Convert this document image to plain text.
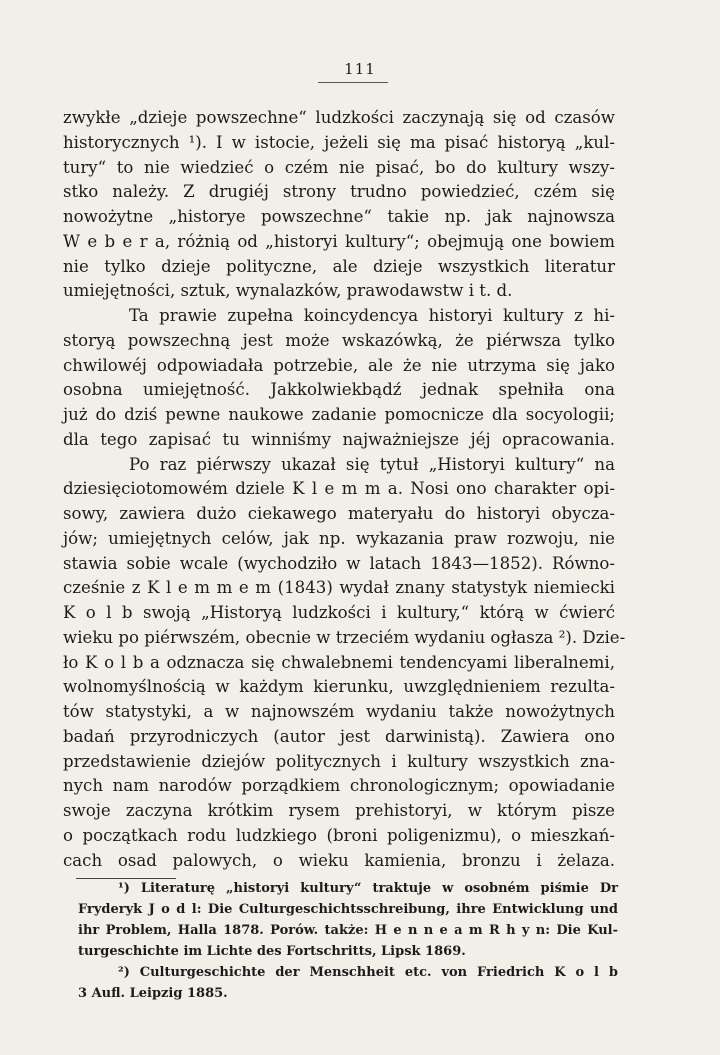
111
zwykłe „dzieje powszechne“ ludzkości zaczynają się od czasów
historycznych ¹). I w istocie, jeżeli się ma pisać historyą „kul-
tury“ to nie wiedzieć o czém nie pisać, bo do kultury wszy-
stko należy. Z drugiéj strony trudno powiedzieć, czém się
nowożytne „historye powszechne“ takie np. jak najnowsza
W e b e r a, różnią od „historyi kultury“; obejmują one bowiem
nie tylko dzieje polityczne, ale dzieje wszystkich literatur
umiejętności, sztuk, wynalazków, prawodawstw i t. d.
Ta prawie zupełna koincydencya historyi kultury z hi-
storyą powszechną jest może wskazówką, że piérwsza tylko
chwilowéj odpowiadała potrzebie, ale że nie utrzyma się jako
osobna umiejętność. Jakkolwiekbądź jednak spełniła ona
już do dziś pewne naukowe zadanie pomocnicze dla socyologii;
dla tego zapisać tu winniśmy najważniejsze jéj opracowania.
Po raz piérwszy ukazał się tytuł „Historyi kultury“ na
dziesięciotomowém dziele K l e m m a. Nosi ono charakter opi-
sowy, zawiera dużo ciekawego materyału do historyi obycza-
jów; umiejętnych celów, jak np. wykazania praw rozwoju, nie
stawia sobie wcale (wychodziło w latach 1843—1852). Równo-
cześnie z K l e m m e m (1843) wydał znany statystyk niemiecki
K o l b swoją „Historyą ludzkości i kultury,“ którą w ćwierć
wieku po piérwszém, obecnie w trzeciém wydaniu ogłasza ²). Dzie-
ło K o l b a odznacza się chwalebnemi tendencyami liberalnemi,
wolnomyślnością w każdym kierunku, uwzględnieniem rezulta-
tów statystyki, a w najnowszém wydaniu także nowożytnych
badań przyrodniczych (autor jest darwinistą). Zawiera ono
przedstawienie dziejów politycznych i kultury wszystkich zna-
nych nam narodów porządkiem chronologicznym; opowiadanie
swoje zaczyna krótkim rysem prehistoryi, w którym pisze
o początkach rodu ludzkiego (broni poligenizmu), o mieszkań-
cach osad palowych, o wieku kamienia, bronzu i żelaza.
¹) Literaturę „historyi kultury“ traktuje w osobném piśmie Dr
Fryderyk J o d l: Die Culturgeschichtsschreibung, ihre Entwicklung und
ihr Problem, Halla 1878. Porów. także: H e n n e a m R h y n: Die Kul-
turgeschichte im Lichte des Fortschritts, Lipsk 1869.
²) Culturgeschichte der Menschheit etc. von Friedrich K o l b
3 Aufl. Leipzig 1885.
